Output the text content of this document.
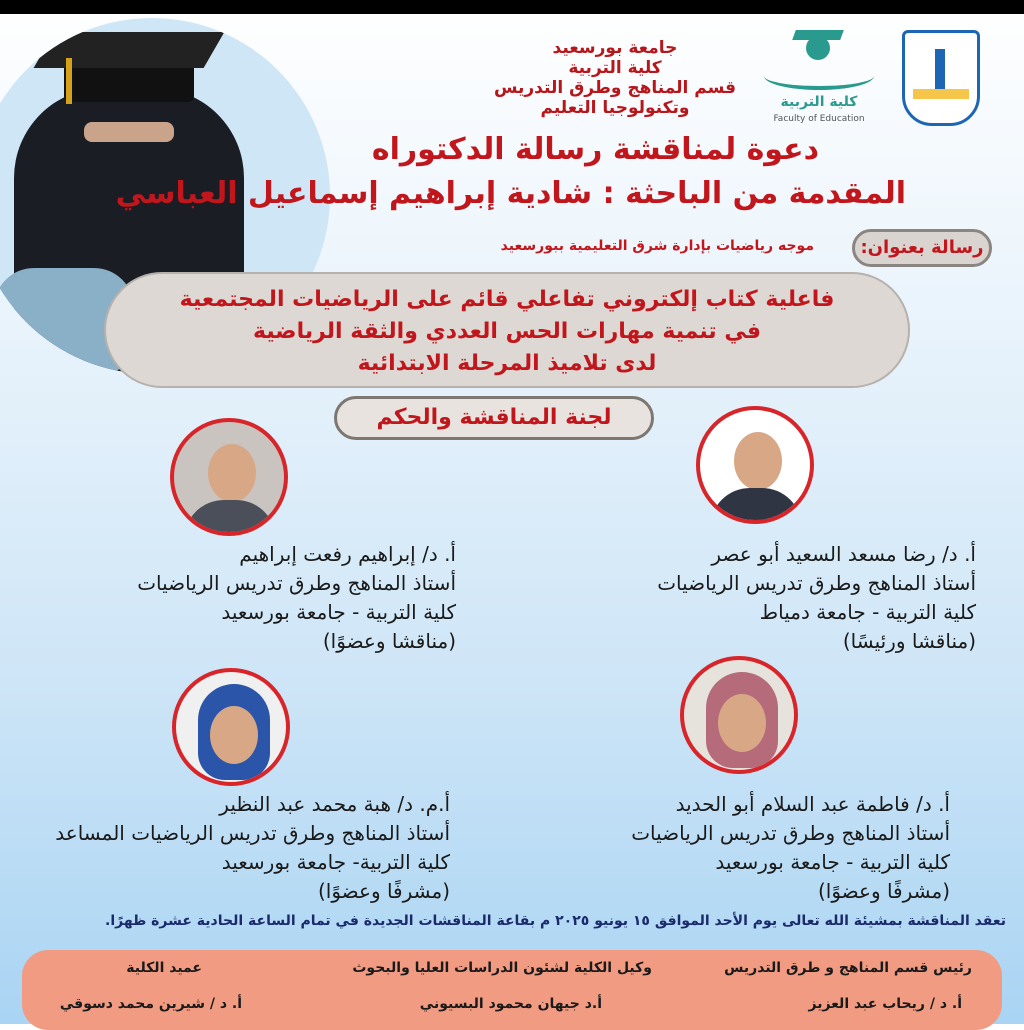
كلية التربية
Faculty of Education
جامعة بورسعيد
كلية التربية
قسم المناهج وطرق التدريس
وتكنولوجيا التعليم
دعوة لمناقشة رسالة الدكتوراه
المقدمة من الباحثة : شادية إبراهيم إسماعيل العباسي
موجه رياضيات بإدارة شرق التعليمية ببورسعيد	رسالة بعنوان:
فاعلية كتاب إلكتروني تفاعلي قائم على الرياضيات المجتمعية
في تنمية مهارات الحس العددي والثقة الرياضية
لدى تلاميذ المرحلة الابتدائية
لجنة المناقشة والحكم
أ. د/ رضا مسعد السعيد أبو عصر
أستاذ المناهج وطرق تدريس الرياضيات
كلية التربية - جامعة دمياط
(مناقشا ورئيسًا)
أ. د/ إبراهيم رفعت إبراهيم
أستاذ المناهج وطرق تدريس الرياضيات
كلية التربية - جامعة بورسعيد
(مناقشا وعضوًا)
أ. د/ فاطمة عبد السلام أبو الحديد
أستاذ المناهج وطرق تدريس الرياضيات
كلية التربية - جامعة بورسعيد
(مشرفًا وعضوًا)
أ.م. د/ هبة محمد عبد النظير
أستاذ المناهج وطرق تدريس الرياضيات المساعد
كلية التربية- جامعة بورسعيد
(مشرفًا وعضوًا)
تعقد المناقشة بمشيئة الله تعالى يوم الأحد الموافق ١٥ يونيو ٢٠٢٥ م بقاعة المناقشات الجديدة في تمام الساعة الحادية عشرة ظهرًا.
رئيس قسم المناهج و طرق التدريس
أ. د / ريحاب عبد العزيز
وكيل الكلية لشئون الدراسات العليا والبحوث
أ.د جيهان محمود البسيوني
عميد الكلية
أ. د / شيرين محمد دسوقي
